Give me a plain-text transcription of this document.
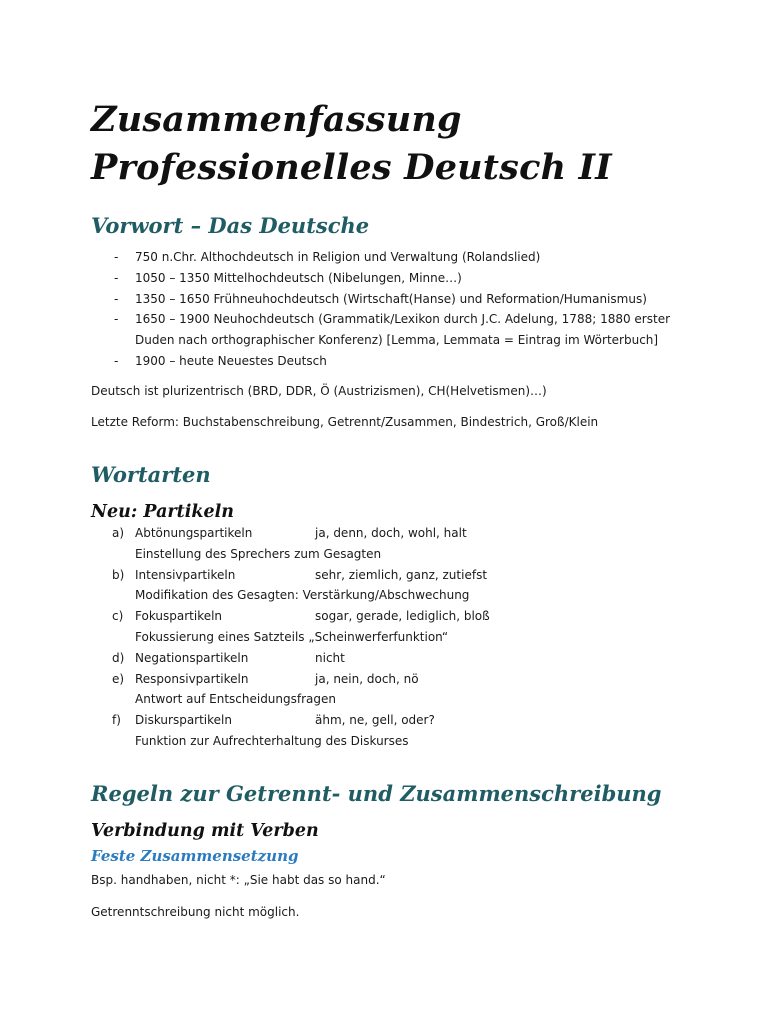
Zusammenfassung
Professionelles Deutsch II
Vorwort – Das Deutsche
- 750 n.Chr. Althochdeutsch in Religion und Verwaltung (Rolandslied)
- 1050 – 1350 Mittelhochdeutsch (Nibelungen, Minne…)
- 1350 – 1650 Frühneuhochdeutsch (Wirtschaft(Hanse) und Reformation/Humanismus)
- 1650 – 1900 Neuhochdeutsch (Grammatik/Lexikon durch J.C. Adelung, 1788; 1880 erster
Duden nach orthographischer Konferenz) [Lemma, Lemmata = Eintrag im Wörterbuch]
- 1900 – heute Neuestes Deutsch

Deutsch ist plurizentrisch (BRD, DDR, Ö (Austrizismen), CH(Helvetismen)…)

Letzte Reform: Buchstabenschreibung, Getrennt/Zusammen, Bindestrich, Groß/Klein

Wortarten
Neu: Partikeln
a) Abtönungspartikeln	ja, denn, doch, wohl, halt
Einstellung des Sprechers zum Gesagten
b) Intensivpartikeln	sehr, ziemlich, ganz, zutiefst
Modifikation des Gesagten: Verstärkung/Abschwechung
c) Fokuspartikeln	sogar, gerade, lediglich, bloß
Fokussierung eines Satzteils „Scheinwerferfunktion“
d) Negationspartikeln	nicht
e) Responsivpartikeln	ja, nein, doch, nö
Antwort auf Entscheidungsfragen
f) Diskurspartikeln	ähm, ne, gell, oder?
Funktion zur Aufrechterhaltung des Diskurses
Regeln zur Getrennt- und Zusammenschreibung
Verbindung mit Verben
Feste Zusammensetzung

Bsp. handhaben, nicht *: „Sie habt das so hand.“

Getrenntschreibung nicht möglich.
